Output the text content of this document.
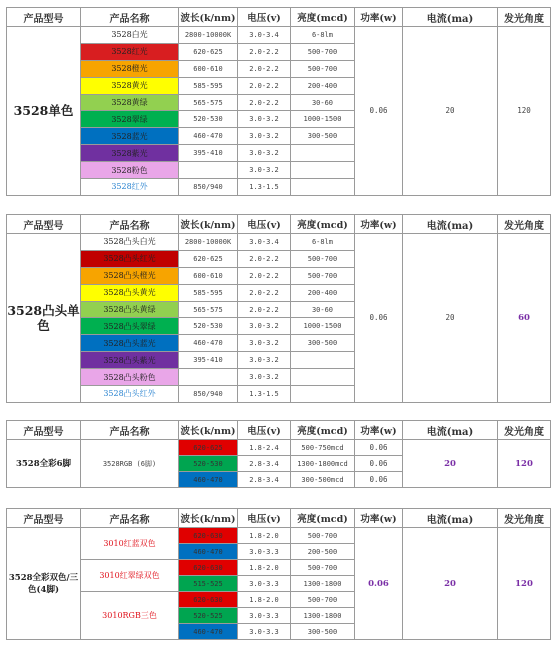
产品型号	产品名称	波长(k/nm)	电压(v)	亮度(mcd)	功率(w)	电流(ma)	发光角度
3528单色	3528白光	2800-10000K	3.0-3.4	6-8lm	0.06	20	120
	3528红光	620-625	2.0-2.2	500-700			
	3528橙光	600-610	2.0-2.2	500-700			
	3528黄光	585-595	2.0-2.2	200-400			
	3528黄绿	565-575	2.0-2.2	30-60			
	3528翠绿	520-530	3.0-3.2	1000-1500			
	3528蓝光	460-470	3.0-3.2	300-500			
	3528紫光	395-410	3.0-3.2				
	3528粉色		3.0-3.2				
	3528红外	850/940	1.3-1.5				
产品型号	产品名称	波长(k/nm)	电压(v)	亮度(mcd)	功率(w)	电流(ma)	发光角度
3528凸头单色	3528凸头白光	2800-10000K	3.0-3.4	6-8lm	0.06	20	60
	3528凸头红光	620-625	2.0-2.2	500-700			
	3528凸头橙光	600-610	2.0-2.2	500-700			
	3528凸头黄光	585-595	2.0-2.2	200-400			
	3528凸头黄绿	565-575	2.0-2.2	30-60			
	3528凸头翠绿	520-530	3.0-3.2	1000-1500			
	3528凸头蓝光	460-470	3.0-3.2	300-500			
	3528凸头紫光	395-410	3.0-3.2				
	3528凸头粉色		3.0-3.2				
	3528凸头红外	850/940	1.3-1.5				
产品型号	产品名称	波长(k/nm)	电压(v)	亮度(mcd)	功率(w)	电流(ma)	发光角度
3528全彩6脚	3528RGB (6脚)	620-625	1.8-2.4	500-750mcd	0.06	20	120
		520-530	2.8-3.4	1300-1800mcd	0.06		
		460-470	2.8-3.4	300-500mcd	0.06		
产品型号	产品名称	波长(k/nm)	电压(v)	亮度(mcd)	功率(w)	电流(ma)	发光角度
3528全彩双色/三色(4脚)	3010红蓝双色	620-630	1.8-2.0	500-700	0.06	20	120
		460-470	3.0-3.3	200-500			
	3010红翠绿双色	620-630	1.8-2.0	500-700			
		515-525	3.0-3.3	1300-1800			
	3010RGB三色	620-630	1.8-2.0	500-700			
		520-525	3.0-3.3	1300-1800			
		460-470	3.0-3.3	300-500			
